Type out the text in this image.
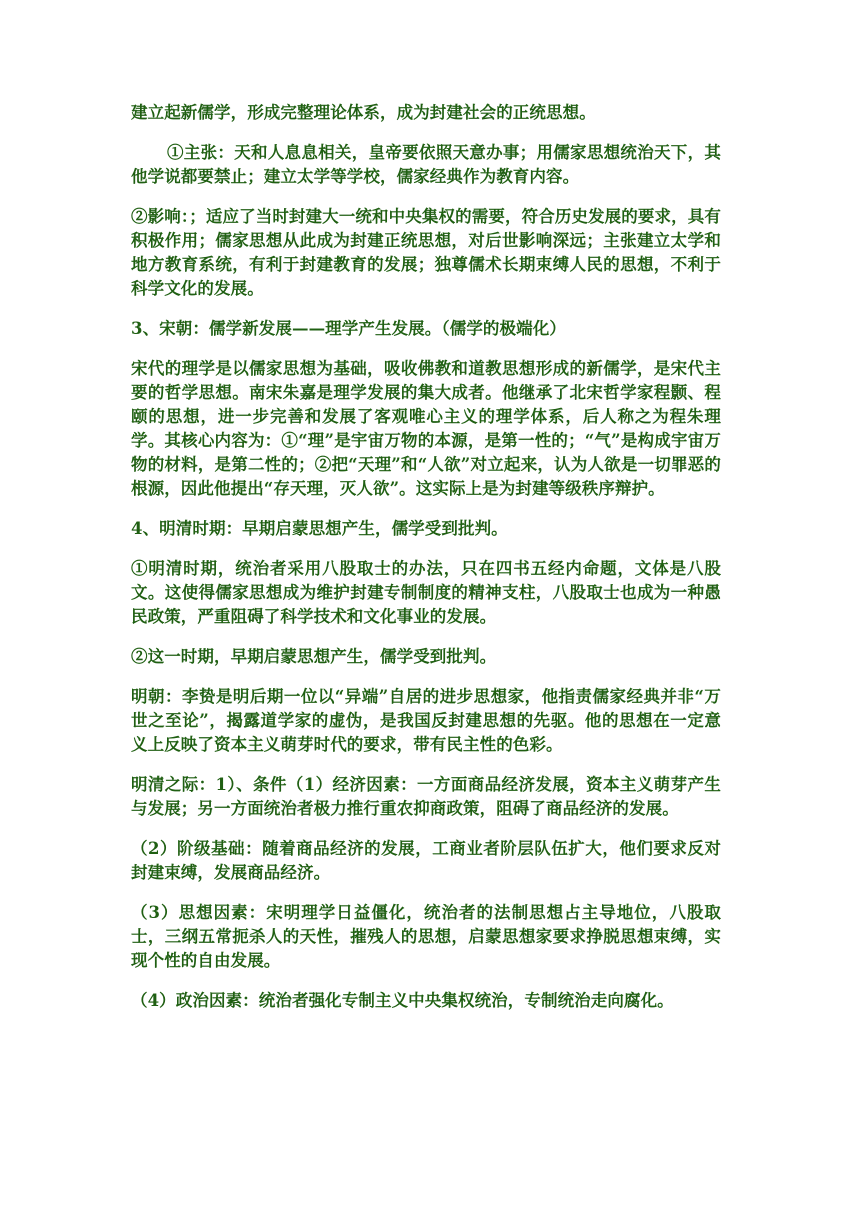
建立起新儒学，形成完整理论体系，成为封建社会的正统思想。

①主张：天和人息息相关，皇帝要依照天意办事；用儒家思想统治天下，其他学说都要禁止；建立太学等学校，儒家经典作为教育内容。

②影响：；适应了当时封建大一统和中央集权的需要，符合历史发展的要求，具有积极作用；儒家思想从此成为封建正统思想，对后世影响深远；主张建立太学和地方教育系统，有利于封建教育的发展；独尊儒术长期束缚人民的思想，不利于科学文化的发展。

3、宋朝：儒学新发展——理学产生发展。（儒学的极端化）

宋代的理学是以儒家思想为基础，吸收佛教和道教思想形成的新儒学，是宋代主要的哲学思想。南宋朱嘉是理学发展的集大成者。他继承了北宋哲学家程颢、程颐的思想，进一步完善和发展了客观唯心主义的理学体系，后人称之为程朱理学。其核心内容为：①“理”是宇宙万物的本源，是第一性的；“气”是构成宇宙万物的材料，是第二性的；②把“天理”和“人欲”对立起来，认为人欲是一切罪恶的根源，因此他提出“存天理，灭人欲”。这实际上是为封建等级秩序辩护。

4、明清时期：早期启蒙思想产生，儒学受到批判。

①明清时期，统治者采用八股取士的办法，只在四书五经内命题，文体是八股文。这使得儒家思想成为维护封建专制制度的精神支柱，八股取士也成为一种愚民政策，严重阻碍了科学技术和文化事业的发展。

②这一时期，早期启蒙思想产生，儒学受到批判。

明朝：李贽是明后期一位以“异端”自居的进步思想家，他指责儒家经典并非“万世之至论”，揭露道学家的虚伪，是我国反封建思想的先驱。他的思想在一定意义上反映了资本主义萌芽时代的要求，带有民主性的色彩。

明清之际：1）、条件（1）经济因素：一方面商品经济发展，资本主义萌芽产生与发展；另一方面统治者极力推行重农抑商政策，阻碍了商品经济的发展。

（2）阶级基础：随着商品经济的发展，工商业者阶层队伍扩大，他们要求反对封建束缚，发展商品经济。

（3）思想因素：宋明理学日益僵化，统治者的法制思想占主导地位，八股取士，三纲五常扼杀人的天性，摧残人的思想，启蒙思想家要求挣脱思想束缚，实现个性的自由发展。

（4）政治因素：统治者强化专制主义中央集权统治，专制统治走向腐化。
